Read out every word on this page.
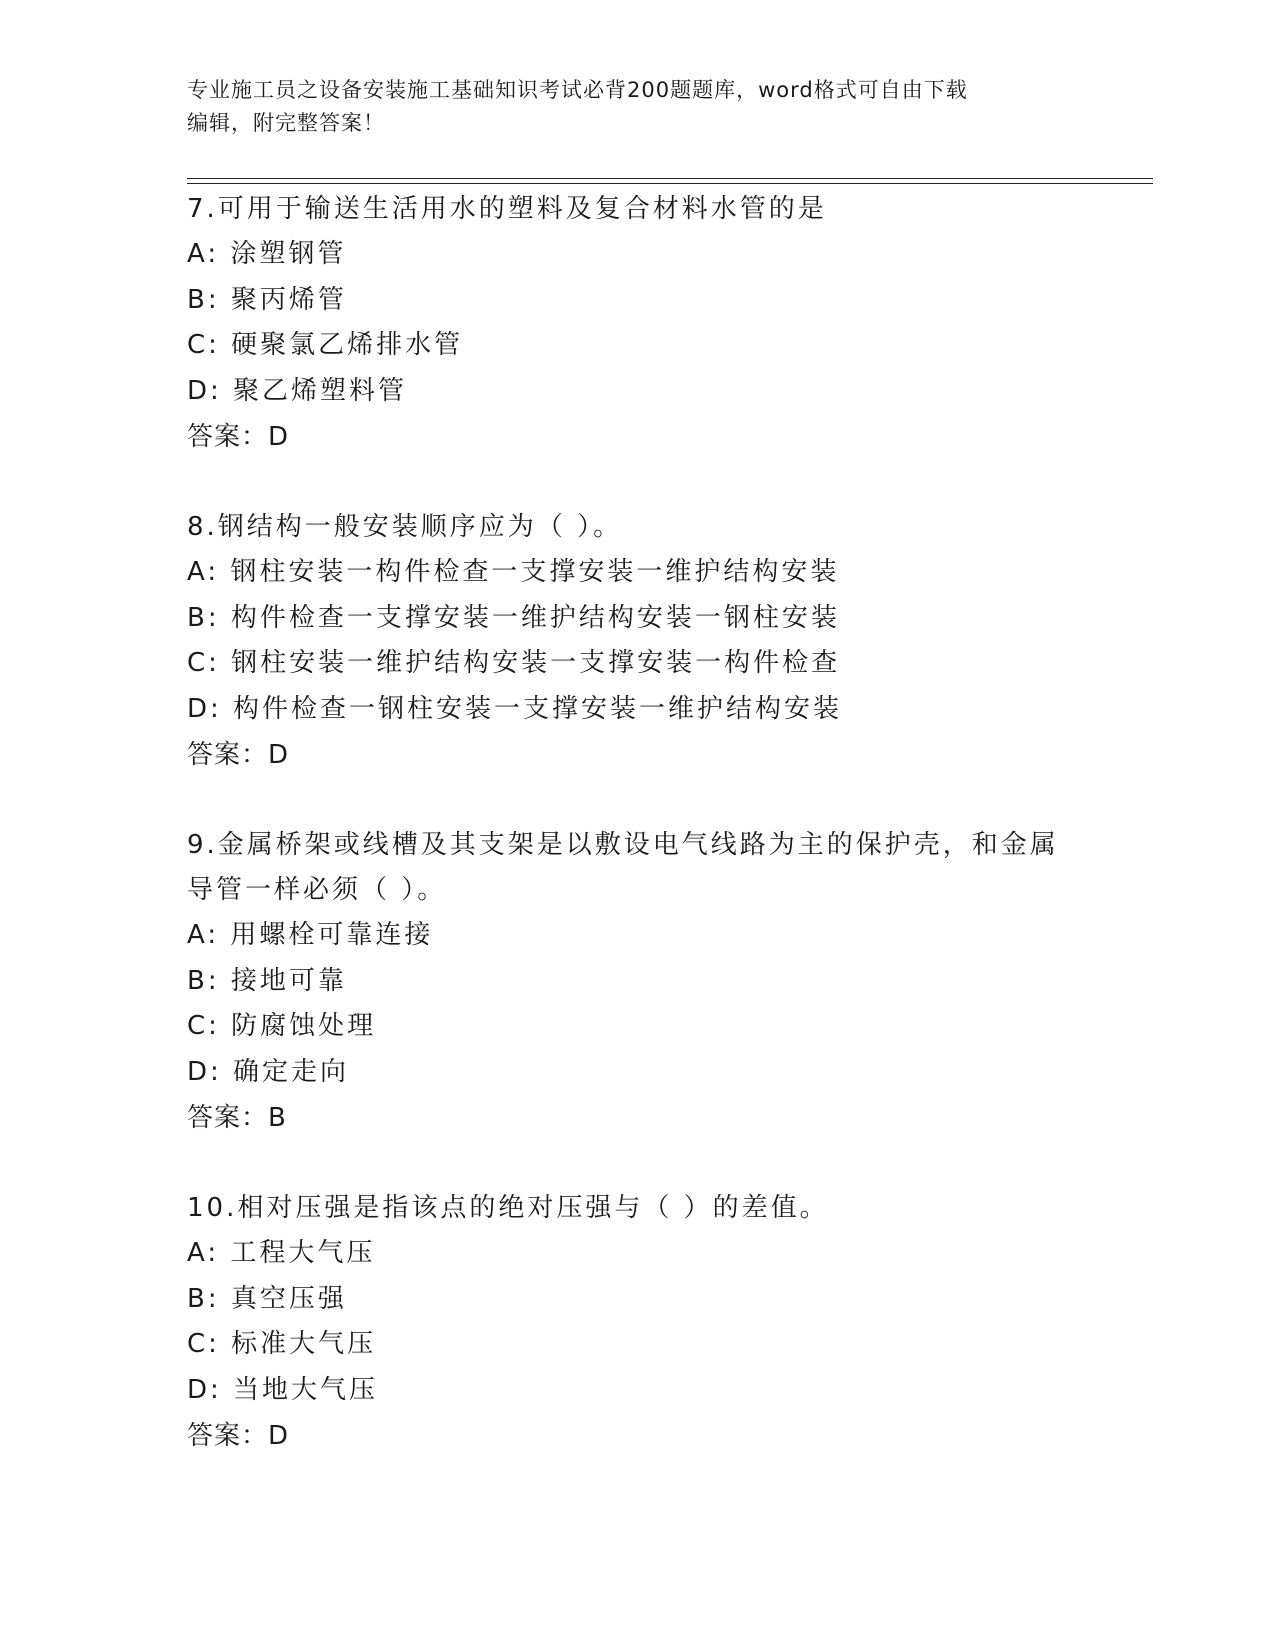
专业施工员之设备安装施工基础知识考试必背200题题库，word格式可自由下载
编辑，附完整答案！
7.可用于输送生活用水的塑料及复合材料水管的是
A: 涂塑钢管
B: 聚丙烯管
C: 硬聚氯乙烯排水管
D: 聚乙烯塑料管
答案：D
8.钢结构一般安装顺序应为（ ）。
A: 钢柱安装一构件检查一支撑安装一维护结构安装
B: 构件检查一支撑安装一维护结构安装一钢柱安装
C: 钢柱安装一维护结构安装一支撑安装一构件检查
D: 构件检查一钢柱安装一支撑安装一维护结构安装
答案：D
9.金属桥架或线槽及其支架是以敷设电气线路为主的保护壳，和金属
导管一样必须（ ）。
A: 用螺栓可靠连接
B: 接地可靠
C: 防腐蚀处理
D: 确定走向
答案：B
10.相对压强是指该点的绝对压强与（ ）的差值。
A: 工程大气压
B: 真空压强
C: 标准大气压
D: 当地大气压
答案：D
